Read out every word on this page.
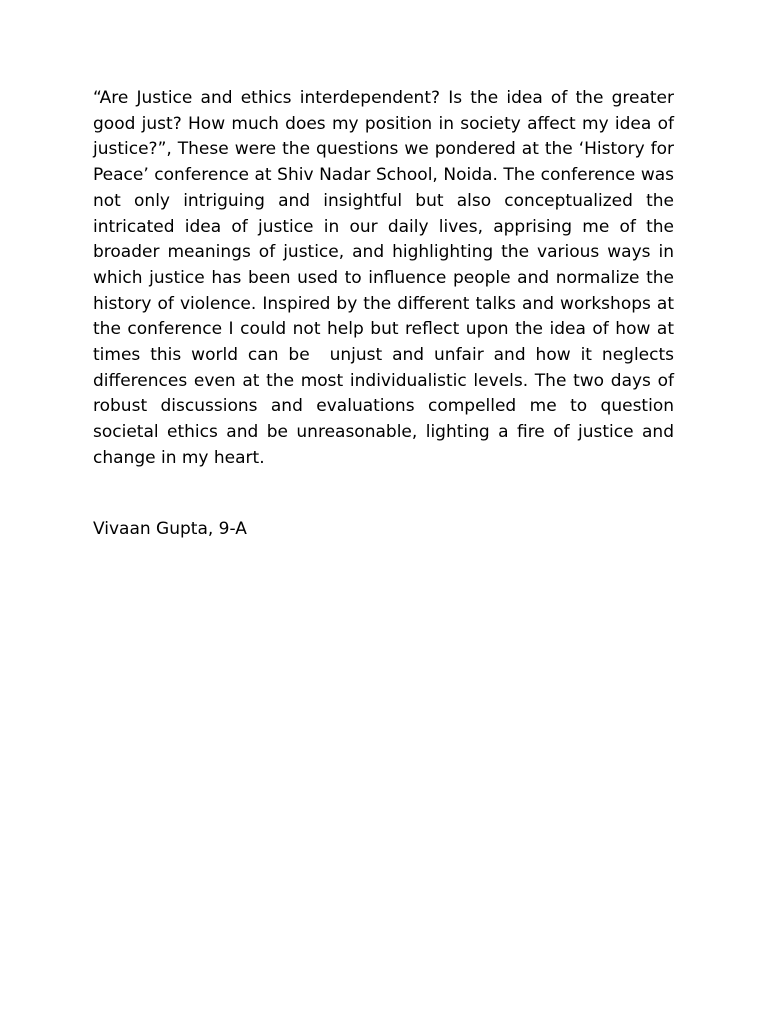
“Are Justice and ethics interdependent? Is the idea of the greater good just? How much does my position in society affect my idea of justice?”, These were the questions we pondered at the ‘History for Peace’ conference at Shiv Nadar School, Noida. The conference was not only intriguing and insightful but also conceptualized the intricated idea of justice in our daily lives, apprising me of the broader meanings of justice, and highlighting the various ways in which justice has been used to influence people and normalize the history of violence. Inspired by the different talks and workshops at the conference I could not help but reflect upon the idea of how at times this world can be  unjust and unfair and how it neglects differences even at the most individualistic levels. The two days of robust discussions and evaluations compelled me to question societal ethics and be unreasonable, lighting a fire of justice and change in my heart.

Vivaan Gupta, 9-A
